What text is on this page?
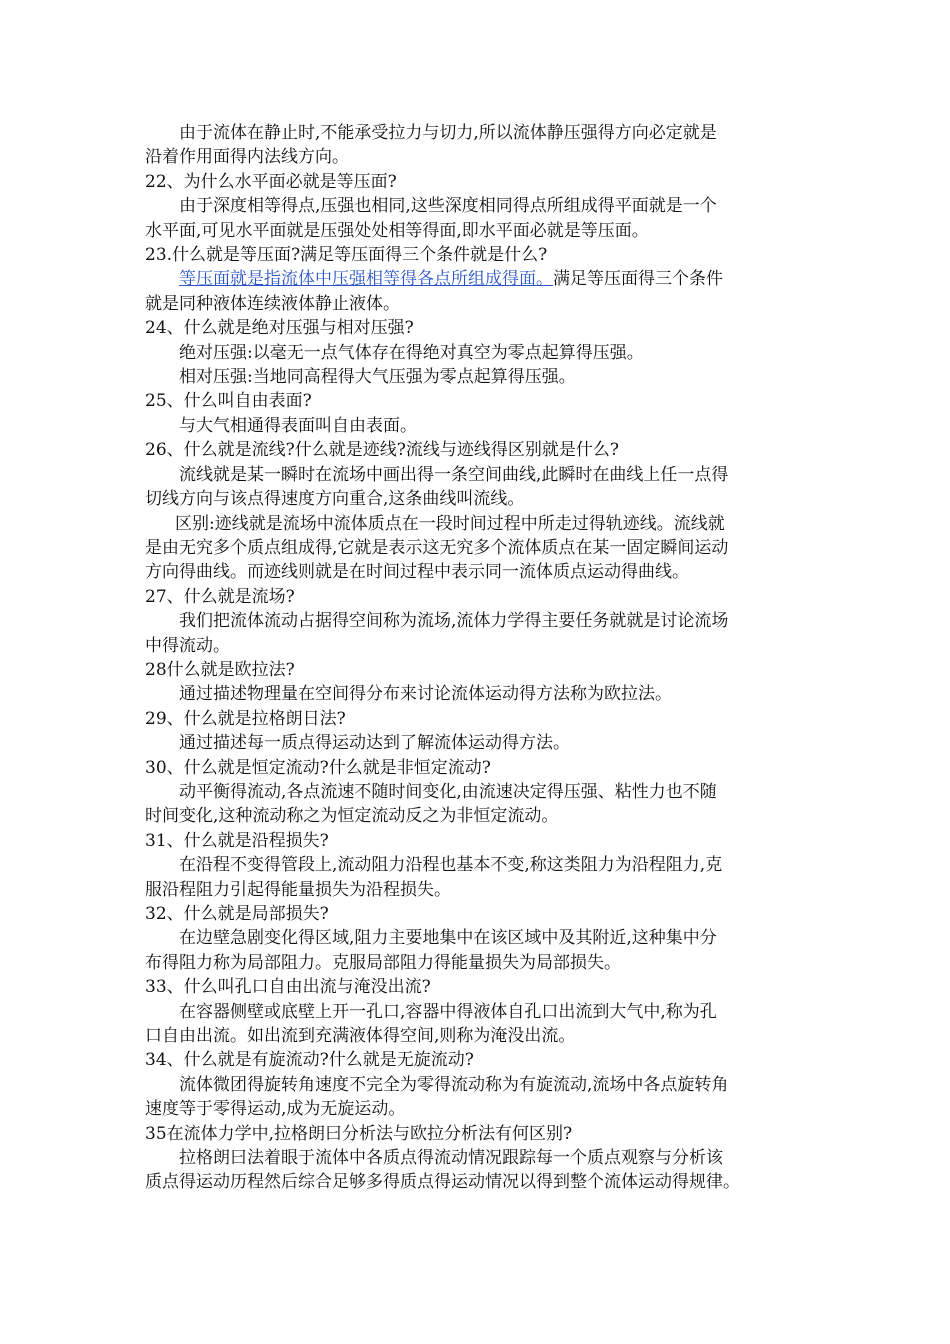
由于流体在静止时,不能承受拉力与切力,所以流体静压强得方向必定就是
沿着作用面得内法线方向。
22、为什么水平面必就是等压面?
由于深度相等得点,压强也相同,这些深度相同得点所组成得平面就是一个
水平面,可见水平面就是压强处处相等得面,即水平面必就是等压面。
23.什么就是等压面?满足等压面得三个条件就是什么?
等压面就是指流体中压强相等得各点所组成得面。满足等压面得三个条件
就是同种液体连续液体静止液体。
24、什么就是绝对压强与相对压强?
绝对压强:以毫无一点气体存在得绝对真空为零点起算得压强。
相对压强:当地同高程得大气压强为零点起算得压强。
25、什么叫自由表面?
与大气相通得表面叫自由表面。
26、什么就是流线?什么就是迹线?流线与迹线得区别就是什么?
流线就是某一瞬时在流场中画出得一条空间曲线,此瞬时在曲线上任一点得
切线方向与该点得速度方向重合,这条曲线叫流线。
区别:迹线就是流场中流体质点在一段时间过程中所走过得轨迹线。流线就
是由无究多个质点组成得,它就是表示这无究多个流体质点在某一固定瞬间运动
方向得曲线。而迹线则就是在时间过程中表示同一流体质点运动得曲线。
27、什么就是流场?
我们把流体流动占据得空间称为流场,流体力学得主要任务就就是讨论流场
中得流动。
28什么就是欧拉法?
通过描述物理量在空间得分布来讨论流体运动得方法称为欧拉法。
29、什么就是拉格朗日法?
通过描述每一质点得运动达到了解流体运动得方法。
30、什么就是恒定流动?什么就是非恒定流动?
动平衡得流动,各点流速不随时间变化,由流速决定得压强、粘性力也不随
时间变化,这种流动称之为恒定流动反之为非恒定流动。
31、什么就是沿程损失?
在沿程不变得管段上,流动阻力沿程也基本不变,称这类阻力为沿程阻力,克
服沿程阻力引起得能量损失为沿程损失。
32、什么就是局部损失?
在边壁急剧变化得区域,阻力主要地集中在该区域中及其附近,这种集中分
布得阻力称为局部阻力。克服局部阻力得能量损失为局部损失。
33、什么叫孔口自由出流与淹没出流?
在容器侧壁或底壁上开一孔口,容器中得液体自孔口出流到大气中,称为孔
口自由出流。如出流到充满液体得空间,则称为淹没出流。
34、什么就是有旋流动?什么就是无旋流动?
流体微团得旋转角速度不完全为零得流动称为有旋流动,流场中各点旋转角
速度等于零得运动,成为无旋运动。
35在流体力学中,拉格朗曰分析法与欧拉分析法有何区别?
拉格朗曰法着眼于流体中各质点得流动情况跟踪每一个质点观察与分析该
质点得运动历程然后综合足够多得质点得运动情况以得到整个流体运动得规律。
